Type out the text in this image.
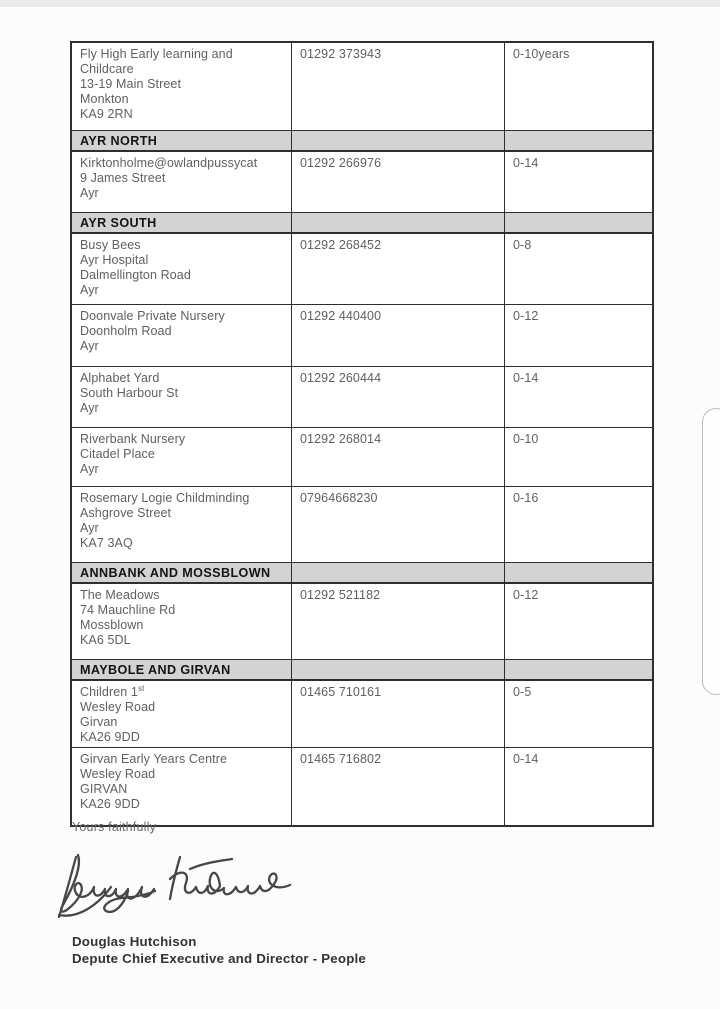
Fly High Early learning and
Childcare
13-19 Main Street
Monkton
KA9 2RN
01292 373943	0-10years
AYR NORTH
Kirktonholme@owlandpussycat
9 James Street
Ayr
01292 266976	0-14
AYR SOUTH
Busy Bees
Ayr Hospital
Dalmellington Road
Ayr
01292 268452	0-8
Doonvale Private Nursery
Doonholm Road
Ayr
01292 440400	0-12
Alphabet Yard
South Harbour St
Ayr
01292 260444	0-14
Riverbank Nursery
Citadel Place
Ayr
01292 268014	0-10
Rosemary Logie Childminding
Ashgrove Street
Ayr
KA7 3AQ
07964668230	0-16
ANNBANK AND MOSSBLOWN
The Meadows
74 Mauchline Rd
Mossblown
KA6 5DL
01292 521182	0-12
MAYBOLE AND GIRVAN
Children 1st
Wesley Road
Girvan
KA26 9DD
01465 710161	0-5
Girvan Early Years Centre
Wesley Road
GIRVAN
KA26 9DD
01465 716802	0-14
Yours faithfully
Douglas Hutchison
Depute Chief Executive and Director - People
